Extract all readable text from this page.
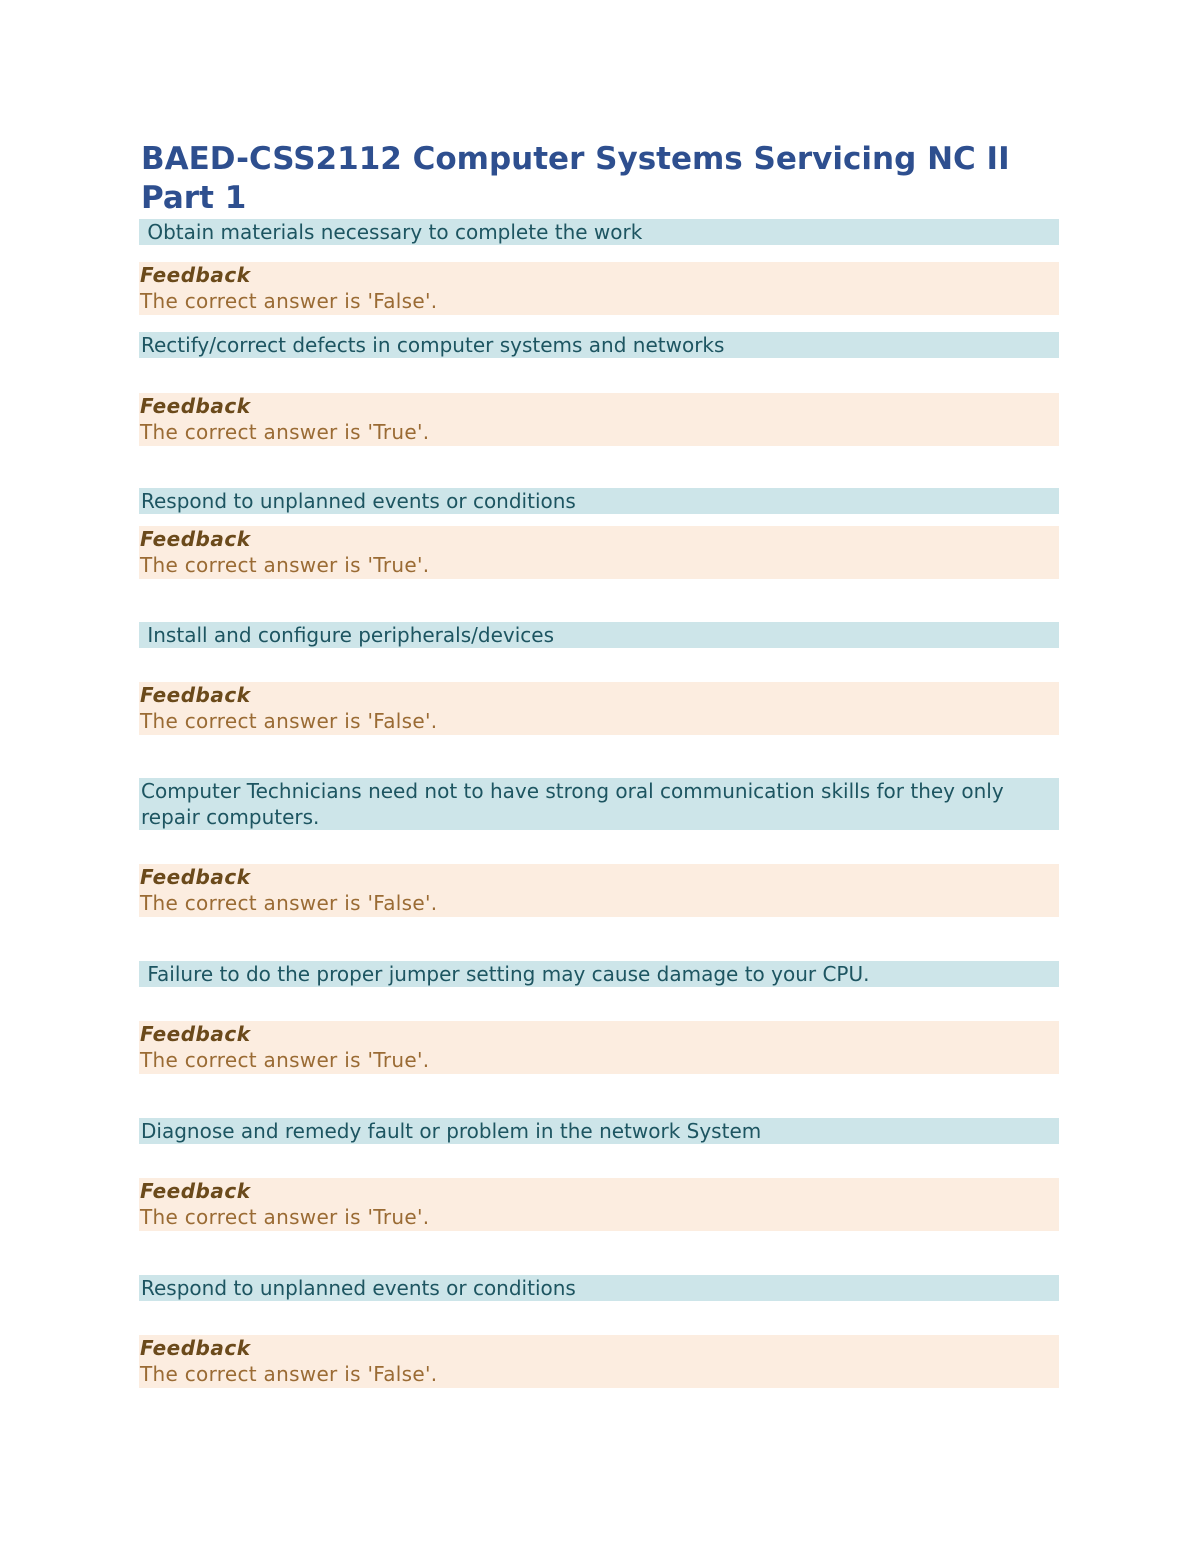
BAED-CSS2112 Computer Systems Servicing NC II Part 1
Obtain materials necessary to complete the work
Feedback
The correct answer is 'False'.
Rectify/correct defects in computer systems and networks
Feedback
The correct answer is 'True'.
Respond to unplanned events or conditions
Feedback
The correct answer is 'True'.
Install and configure peripherals/devices
Feedback
The correct answer is 'False'.
Computer Technicians need not to have strong oral communication skills for they only repair computers.
Feedback
The correct answer is 'False'.
Failure to do the proper jumper setting may cause damage to your CPU.
Feedback
The correct answer is 'True'.
Diagnose and remedy fault or problem in the network System
Feedback
The correct answer is 'True'.
Respond to unplanned events or conditions
Feedback
The correct answer is 'False'.
